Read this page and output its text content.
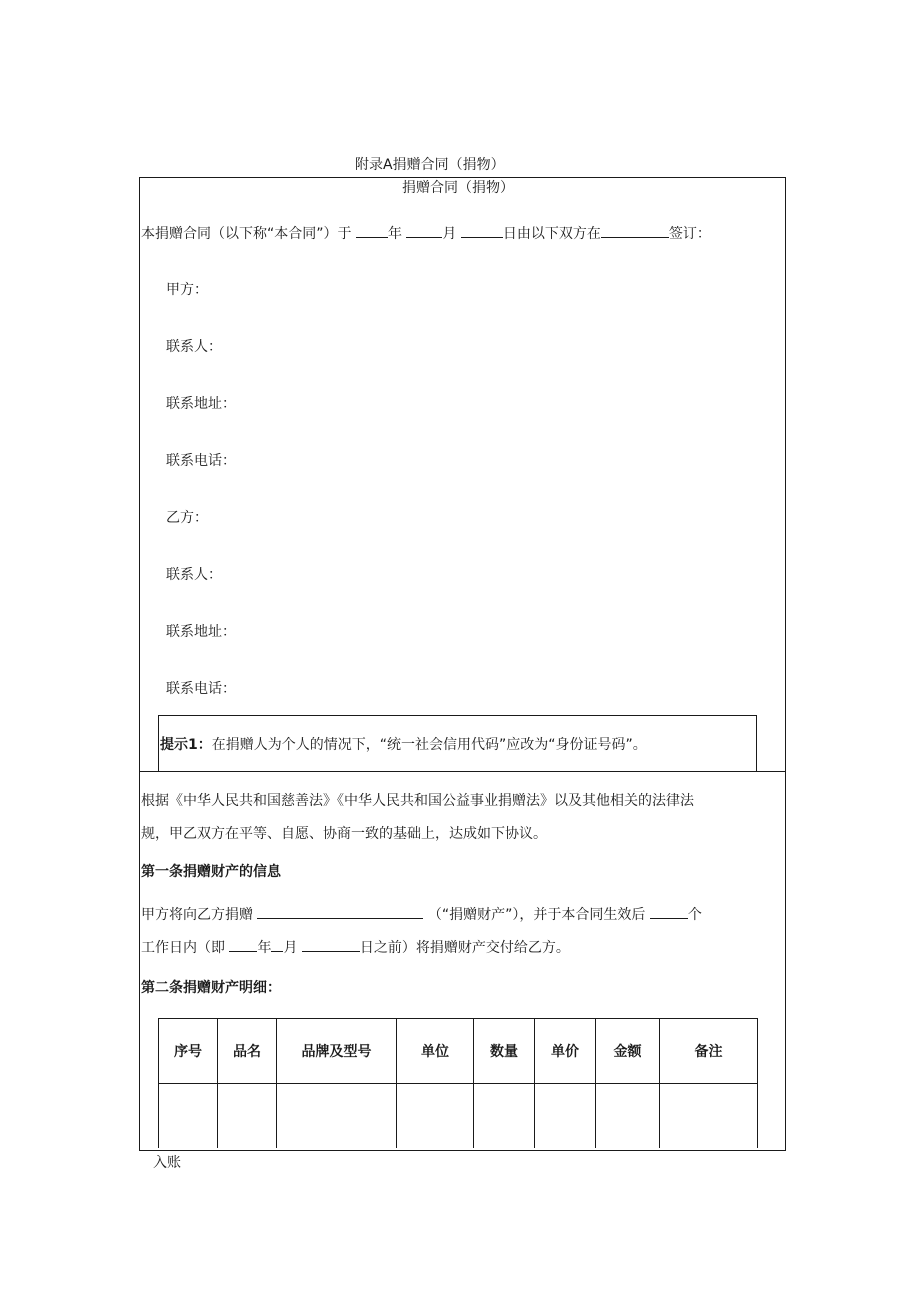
附录A捐赠合同（捐物）
捐赠合同（捐物）
本捐赠合同（以下称“本合同”）于	年	月	日由以下双方在	签订：
甲方：
联系人：
联系地址：
联系电话：
乙方：
联系人：
联系地址：
联系电话：
提示1：在捐赠人为个人的情况下，“统一社会信用代码”应改为“身份证号码”。
根据《中华人民共和国慈善法》《中华人民共和国公益事业捐赠法》以及其他相关的法律法
规，甲乙双方在平等、自愿、协商一致的基础上，达成如下协议。
第一条捐赠财产的信息
甲方将向乙方捐赠	（“捐赠财产”），并于本合同生效后	个
工作日内（即 年 月	日之前）将捐赠财产交付给乙方。
第二条捐赠财产明细：
序号	品名	品牌及型号	单位	数量	单价	金额	备注

入账
